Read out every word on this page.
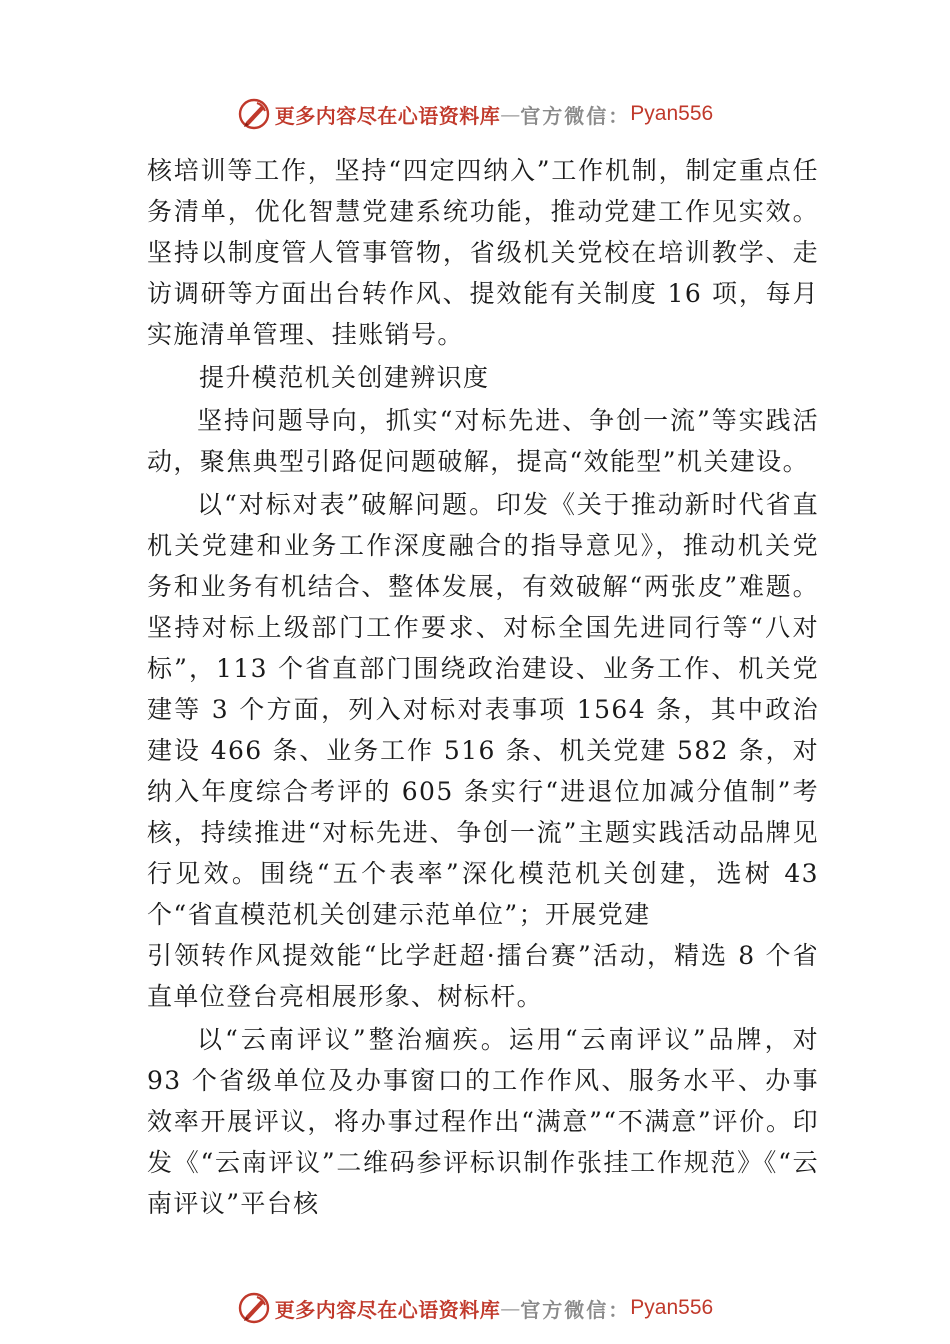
更多内容尽在心语资料库 — 官方微信： Pyan556

核培训等工作，坚持“四定四纳入”工作机制，制定重点任务清单，优化智慧党建系统功能，推动党建工作见实效。坚持以制度管人管事管物，省级机关党校在培训教学、走访调研等方面出台转作风、提效能有关制度 16 项，每月实施清单管理、挂账销号。

提升模范机关创建辨识度

坚持问题导向，抓实“对标先进、争创一流”等实践活动，聚焦典型引路促问题破解，提高“效能型”机关建设。

以“对标对表”破解问题。印发《关于推动新时代省直机关党建和业务工作深度融合的指导意见》，推动机关党务和业务有机结合、整体发展，有效破解“两张皮”难题。坚持对标上级部门工作要求、对标全国先进同行等“八对标”，113 个省直部门围绕政治建设、业务工作、机关党建等 3 个方面，列入对标对表事项 1564 条，其中政治建设 466 条、业务工作 516 条、机关党建 582 条，对纳入年度综合考评的 605 条实行“进退位加减分值制”考核，持续推进“对标先进、争创一流”主题实践活动品牌见行见效。围绕“五个表率”深化模范机关创建，选树 43 个“省直模范机关创建示范单位”；开展党建

引领转作风提效能“比学赶超·擂台赛”活动，精选 8 个省直单位登台亮相展形象、树标杆。

以“云南评议”整治痼疾。运用“云南评议”品牌，对 93 个省级单位及办事窗口的工作作风、服务水平、办事效率开展评议，将办事过程作出“满意”“不满意”评价。印发《“云南评议”二维码参评标识制作张挂工作规范》《“云南评议”平台核

更多内容尽在心语资料库 — 官方微信： Pyan556
